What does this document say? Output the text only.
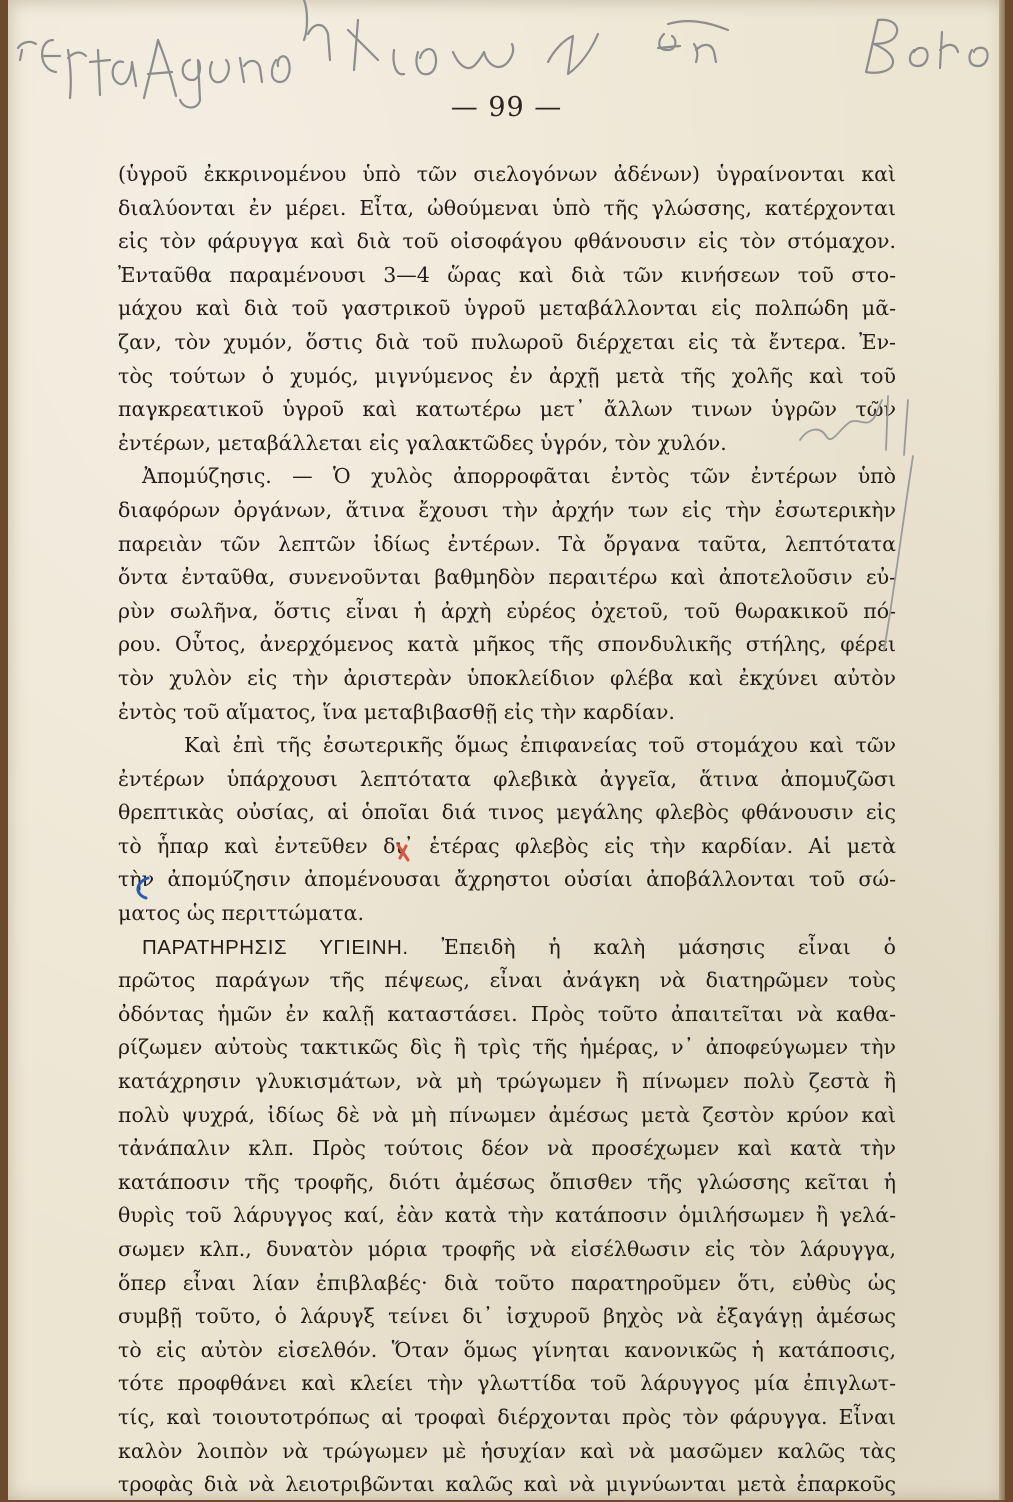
— 99 —
(ὑγροῦ ἐκκρινομένου ὑπὸ τῶν σιελογόνων ἀδένων) ὑγραίνονται καὶ
διαλύονται ἐν μέρει. Εἶτα, ὠθούμεναι ὑπὸ τῆς γλώσσης, κατέρχονται
εἰς τὸν φάρυγγα καὶ διὰ τοῦ οἰσοφάγου φθάνουσιν εἰς τὸν στόμαχον.
Ἐνταῦθα παραμένουσι 3—4 ὥρας καὶ διὰ τῶν κινήσεων τοῦ στο-
μάχου καὶ διὰ τοῦ γαστρικοῦ ὑγροῦ μεταβάλλονται εἰς πολπώδη μᾶ-
ζαν, τὸν χυμόν, ὅστις διὰ τοῦ πυλωροῦ διέρχεται εἰς τὰ ἔντερα. Ἐν-
τὸς τούτων ὁ χυμός, μιγνύμενος ἐν ἀρχῇ μετὰ τῆς χολῆς καὶ τοῦ
παγκρεατικοῦ ὑγροῦ καὶ κατωτέρω μετ᾽ ἄλλων τινων ὑγρῶν τῶν
ἐντέρων, μεταβάλλεται εἰς γαλακτῶδες ὑγρόν, τὸν χυλόν.
Ἀπομύζησις. — Ὁ χυλὸς ἀπορροφᾶται ἐντὸς τῶν ἐντέρων ὑπὸ
διαφόρων ὀργάνων, ἅτινα ἔχουσι τὴν ἀρχήν των εἰς τὴν ἐσωτερικὴν
παρειὰν τῶν λεπτῶν ἰδίως ἐντέρων. Τὰ ὄργανα ταῦτα, λεπτότατα
ὄντα ἐνταῦθα, συνενοῦνται βαθμηδὸν περαιτέρω καὶ ἀποτελοῦσιν εὐ-
ρὺν σωλῆνα, ὅστις εἶναι ἡ ἀρχὴ εὐρέος ὀχετοῦ, τοῦ θωρακικοῦ πό-
ρου. Οὗτος, ἀνερχόμενος κατὰ μῆκος τῆς σπονδυλικῆς στήλης, φέρει
τὸν χυλὸν εἰς τὴν ἀριστερὰν ὑποκλείδιον φλέβα καὶ ἐκχύνει αὐτὸν
ἐντὸς τοῦ αἵματος, ἵνα μεταβιβασθῇ εἰς τὴν καρδίαν.
Καὶ ἐπὶ τῆς ἐσωτερικῆς ὅμως ἐπιφανείας τοῦ στομάχου καὶ τῶν
ἐντέρων ὑπάρχουσι λεπτότατα φλεβικὰ ἀγγεῖα, ἅτινα ἀπομυζῶσι
θρεπτικὰς οὐσίας, αἱ ὁποῖαι διά τινος μεγάλης φλεβὸς φθάνουσιν εἰς
τὸ ἧπαρ καὶ ἐντεῦθεν δι᾽ ἑτέρας φλεβὸς εἰς τὴν καρδίαν. Αἱ μετὰ
τὴν ἀπομύζησιν ἀπομένουσαι ἄχρηστοι οὐσίαι ἀποβάλλονται τοῦ σώ-
ματος ὡς περιττώματα.
ΠΑΡΑΤΗΡΗΣΙΣ ΥΓΙΕΙΝΗ. Ἐπειδὴ ἡ καλὴ μάσησις εἶναι ὁ
πρῶτος παράγων τῆς πέψεως, εἶναι ἀνάγκη νὰ διατηρῶμεν τοὺς
ὀδόντας ἡμῶν ἐν καλῇ καταστάσει. Πρὸς τοῦτο ἀπαιτεῖται νὰ καθα-
ρίζωμεν αὐτοὺς τακτικῶς δὶς ἢ τρὶς τῆς ἡμέρας, ν᾽ ἀποφεύγωμεν τὴν
κατάχρησιν γλυκισμάτων, νὰ μὴ τρώγωμεν ἢ πίνωμεν πολὺ ζεστὰ ἢ
πολὺ ψυχρά, ἰδίως δὲ νὰ μὴ πίνωμεν ἀμέσως μετὰ ζεστὸν κρύον καὶ
τἀνάπαλιν κλπ. Πρὸς τούτοις δέον νὰ προσέχωμεν καὶ κατὰ τὴν
κατάποσιν τῆς τροφῆς, διότι ἀμέσως ὄπισθεν τῆς γλώσσης κεῖται ἡ
θυρὶς τοῦ λάρυγγος καί, ἐὰν κατὰ τὴν κατάποσιν ὁμιλήσωμεν ἢ γελά-
σωμεν κλπ., δυνατὸν μόρια τροφῆς νὰ εἰσέλθωσιν εἰς τὸν λάρυγγα,
ὅπερ εἶναι λίαν ἐπιβλαβές· διὰ τοῦτο παρατηροῦμεν ὅτι, εὐθὺς ὡς
συμβῇ τοῦτο, ὁ λάρυγξ τείνει δι᾽ ἰσχυροῦ βηχὸς νὰ ἐξαγάγῃ ἀμέσως
τὸ εἰς αὐτὸν εἰσελθόν. Ὅταν ὅμως γίνηται κανονικῶς ἡ κατάποσις,
τότε προφθάνει καὶ κλείει τὴν γλωττίδα τοῦ λάρυγγος μία ἐπιγλωτ-
τίς, καὶ τοιουτοτρόπως αἱ τροφαὶ διέρχονται πρὸς τὸν φάρυγγα. Εἶναι
καλὸν λοιπὸν νὰ τρώγωμεν μὲ ἡσυχίαν καὶ νὰ μασῶμεν καλῶς τὰς
τροφὰς διὰ νὰ λειοτριβῶνται καλῶς καὶ νὰ μιγνύωνται μετὰ ἐπαρκοῦς
